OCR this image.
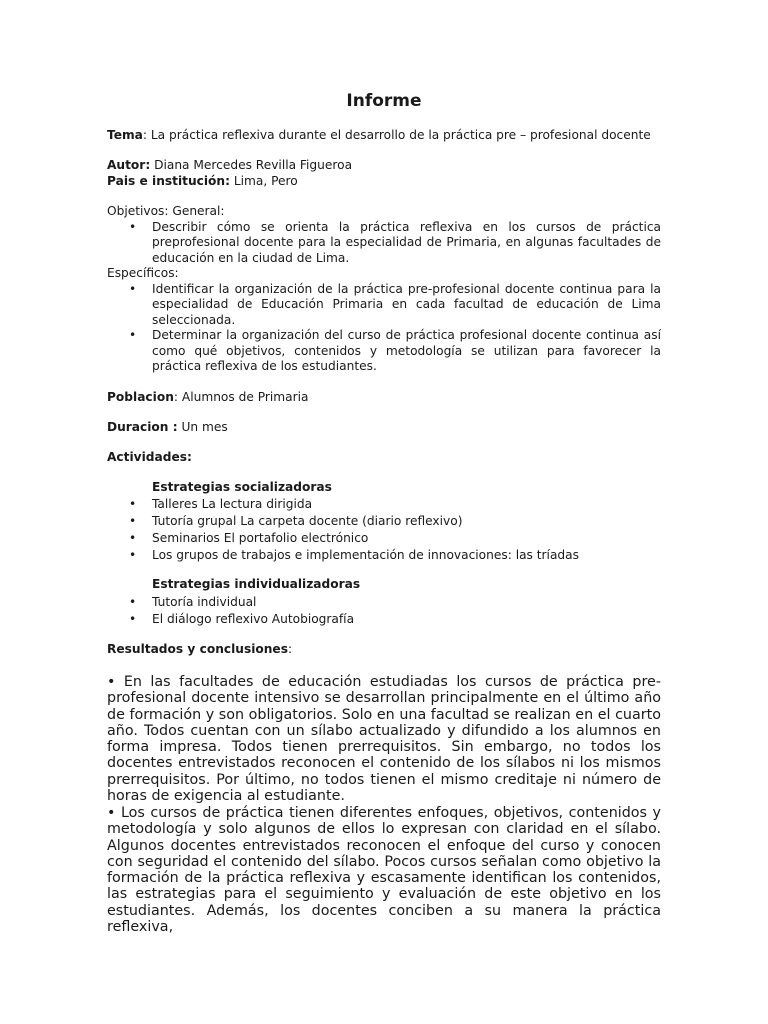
Informe
Tema: La práctica reflexiva durante el desarrollo de la práctica pre – profesional docente
Autor: Diana Mercedes Revilla Figueroa
Pais e institución: Lima, Pero
Objetivos: General:
• Describir cómo se orienta la práctica reflexiva en los cursos de práctica preprofesional docente para la especialidad de Primaria, en algunas facultades de educación en la ciudad de Lima.
Específicos:
• Identificar la organización de la práctica pre-profesional docente continua para la especialidad de Educación Primaria en cada facultad de educación de Lima seleccionada.
• Determinar la organización del curso de práctica profesional docente continua así como qué objetivos, contenidos y metodología se utilizan para favorecer la práctica reflexiva de los estudiantes.
Poblacion: Alumnos de Primaria
Duracion : Un mes
Actividades:
Estrategias socializadoras
• Talleres La lectura dirigida
• Tutoría grupal La carpeta docente (diario reflexivo)
• Seminarios El portafolio electrónico
• Los grupos de trabajos e implementación de innovaciones: las tríadas
Estrategias individualizadoras
• Tutoría individual
• El diálogo reflexivo Autobiografía
Resultados y conclusiones:
• En las facultades de educación estudiadas los cursos de práctica pre-profesional docente intensivo se desarrollan principalmente en el último año de formación y son obligatorios. Solo en una facultad se realizan en el cuarto año. Todos cuentan con un sílabo actualizado y difundido a los alumnos en forma impresa. Todos tienen prerrequisitos. Sin embargo, no todos los docentes entrevistados reconocen el contenido de los sílabos ni los mismos prerrequisitos. Por último, no todos tienen el mismo creditaje ni número de horas de exigencia al estudiante.
• Los cursos de práctica tienen diferentes enfoques, objetivos, contenidos y metodología y solo algunos de ellos lo expresan con claridad en el sílabo. Algunos docentes entrevistados reconocen el enfoque del curso y conocen con seguridad el contenido del sílabo. Pocos cursos señalan como objetivo la formación de la práctica reflexiva y escasamente identifican los contenidos, las estrategias para el seguimiento y evaluación de este objetivo en los estudiantes. Además, los docentes conciben a su manera la práctica reflexiva,
